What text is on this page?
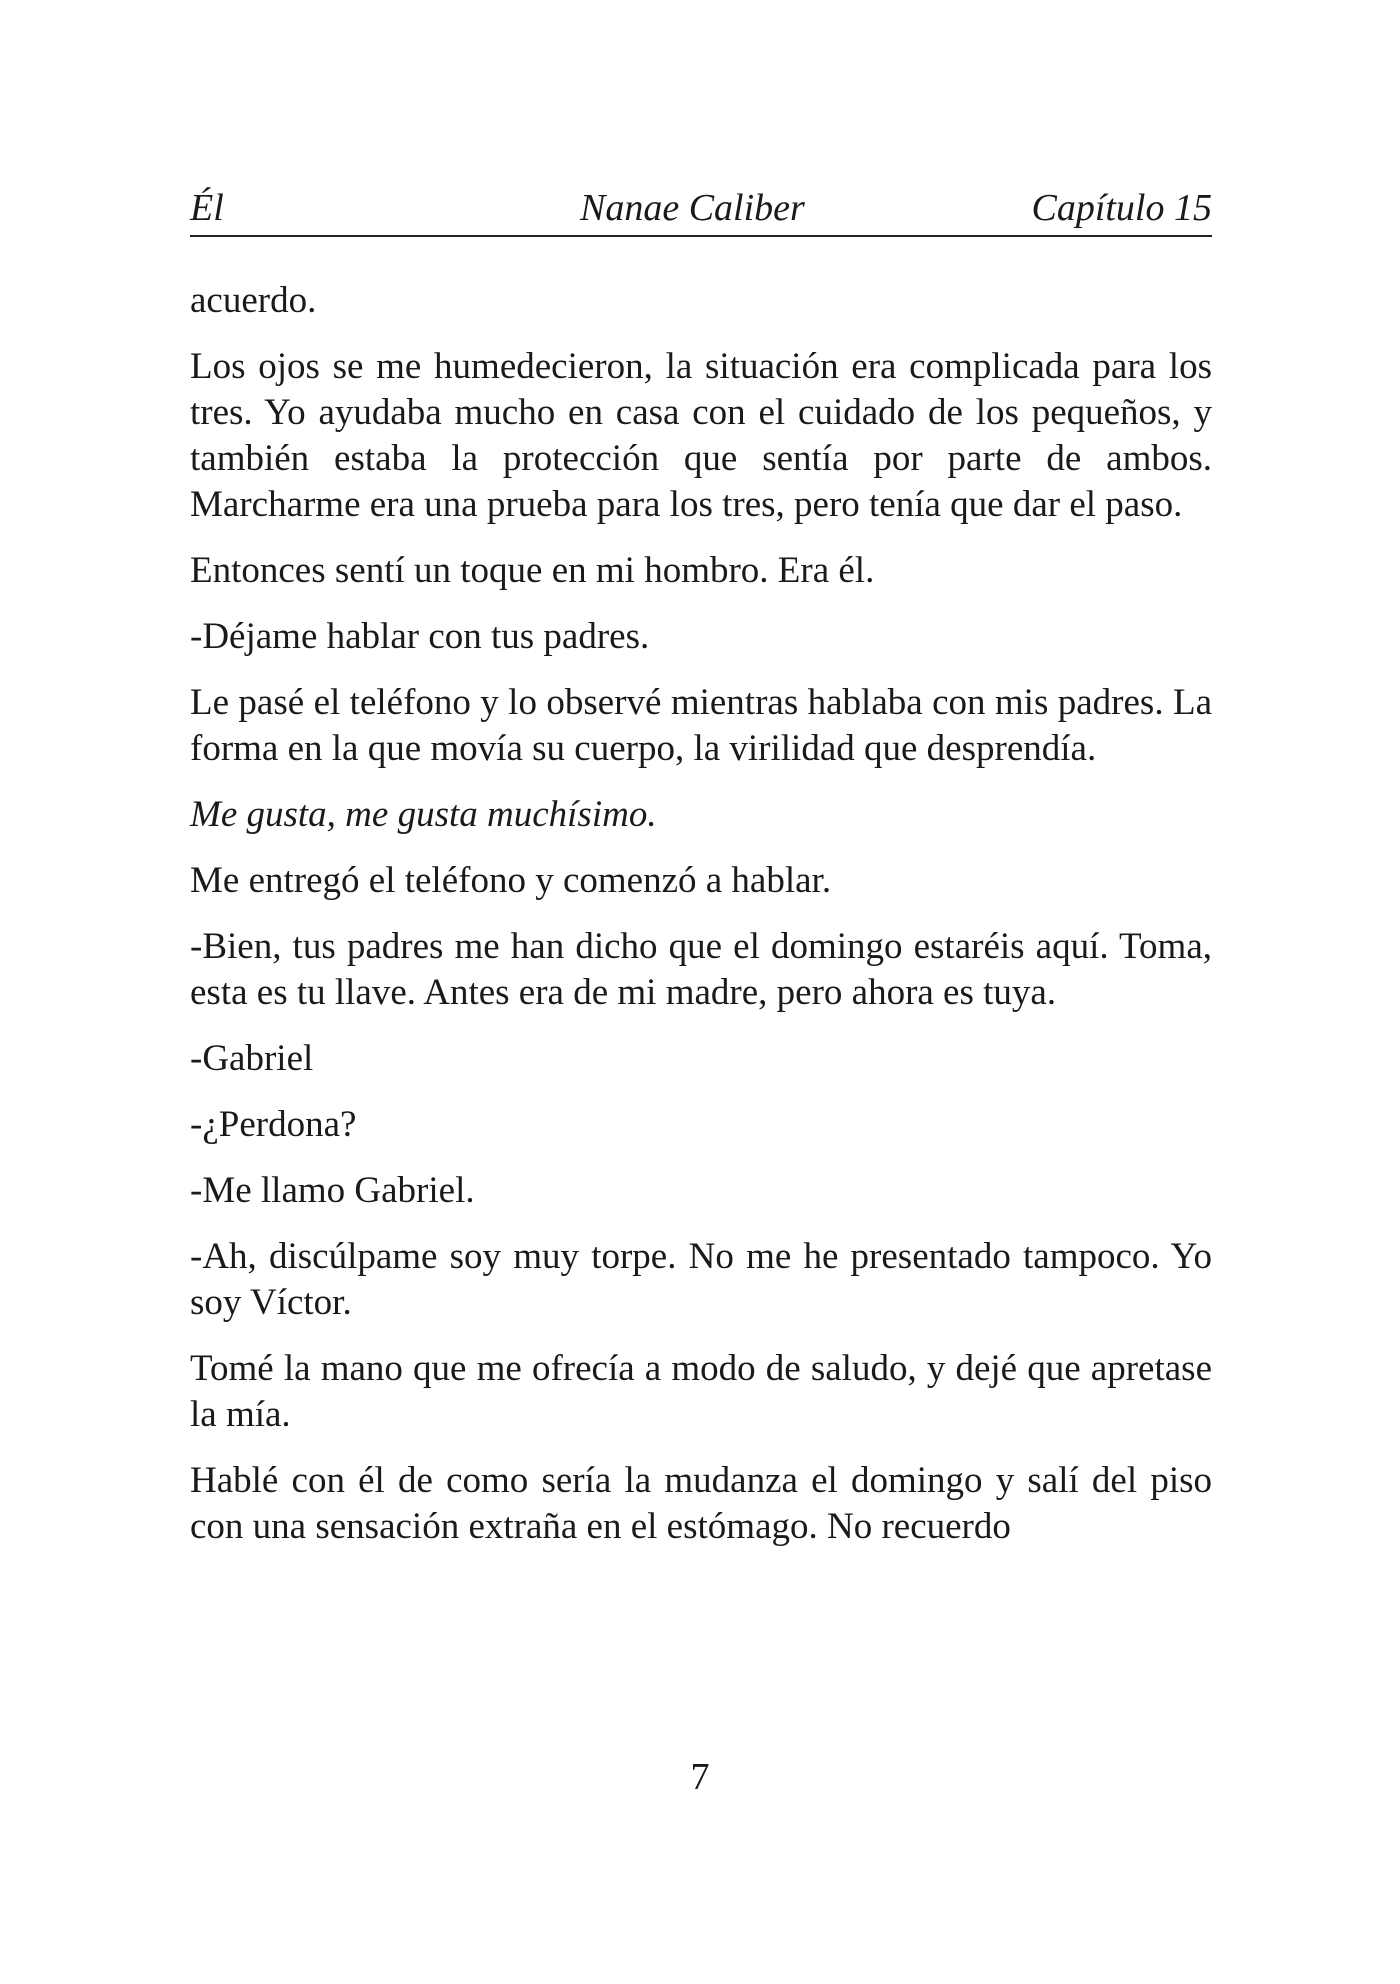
Él	Nanae Caliber	Capítulo 15

acuerdo.

Los ojos se me humedecieron, la situación era complicada para los tres. Yo ayudaba mucho en casa con el cuidado de los pequeños, y también estaba la protección que sentía por parte de ambos. Marcharme era una prueba para los tres, pero tenía que dar el paso.

Entonces sentí un toque en mi hombro. Era él.

-Déjame hablar con tus padres.

Le pasé el teléfono y lo observé mientras hablaba con mis padres. La forma en la que movía su cuerpo, la virilidad que desprendía.

Me gusta, me gusta muchísimo.

Me entregó el teléfono y comenzó a hablar.

-Bien, tus padres me han dicho que el domingo estaréis aquí. Toma, esta es tu llave. Antes era de mi madre, pero ahora es tuya.

-Gabriel

-¿Perdona?

-Me llamo Gabriel.

-Ah, discúlpame soy muy torpe. No me he presentado tampoco. Yo soy Víctor.

Tomé la mano que me ofrecía a modo de saludo, y dejé que apretase la mía.

Hablé con él de como sería la mudanza el domingo y salí del piso con una sensación extraña en el estómago. No recuerdo

7
